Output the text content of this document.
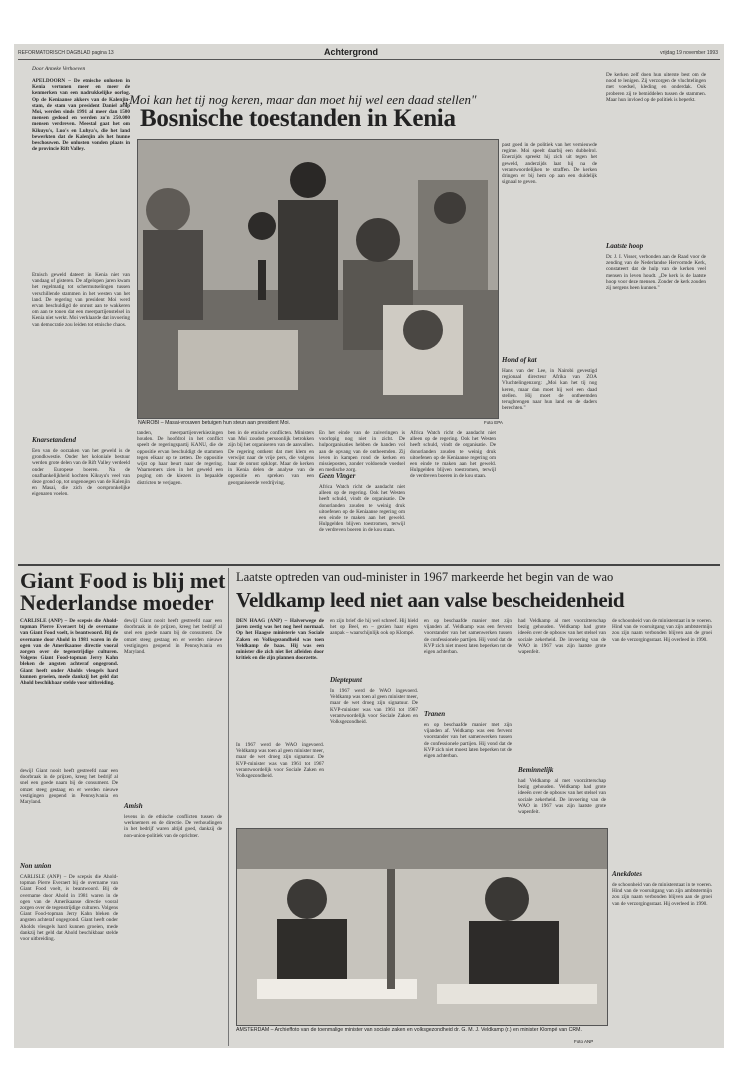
REFORMATORISCH DAGBLAD pagina 13	Achtergrond	vrijdag 19 november 1993
Door Anneke Verhoeven
„Moi kan het tij nog keren, maar dan moet hij wel een daad stellen"
Bosnische toestanden in Kenia
APELDOORN – De etnische onlusten in Kenia vertonen meer en meer de kenmerken van een nadrukkelijke oorlog. Op de Keniaanse akkers van de Kalenjin-stam, de stam van president Daniel arap Moi, werden sinds 1991 al meer dan 1500 mensen gedood en werden zo'n 250.000 mensen verdreven. Meestal gaat het om Kikuyu's, Luo's en Luhya's, die het land bewerkten dat de Kalenjin als het hunne beschouwen. De onlusten vonden plaats in de provincie Rift Valley.
Etnisch geweld dateert in Kenia niet van vandaag of gisteren. De afgelopen jaren kwam het regelmatig tot schermutselingen tussen verschillende stammen in het westen van het land. De regering van president Moi werd ervan beschuldigd de onrust aan te wakkeren om aan te tonen dat een meerpartijenstelsel in Kenia niet werkt. Moi verklaarde dat invoering van democratie zou leiden tot etnische chaos.
Knarsetandend
Een van de oorzaken van het geweld is de grondkwestie. Onder het koloniale bestuur werden grote delen van de Rift Valley verdeeld onder Europese boeren. Na de onafhankelijkheid kochten Kikuyu's veel van deze grond op, tot ongenoegen van de Kalenjin en Masai, die zich de oorspronkelijke eigenaren voelen.
NAIROBI – Masai-vrouwen betuigen hun steun aan president Moi.	Foto EPA
past goed in de politiek van het vernieuwde regime. Moi speelt daarbij een dubbelrol. Enerzijds spreekt hij zich uit tegen het geweld, anderzijds laat hij na de verantwoordelijken te straffen. De kerken dringen er bij hem op aan een duidelijk signaal te geven.
Hond of kat
Hans van der Lee, in Nairobi gevestigd regionaal directeur Afrika van ZOA Vluchtelingenzorg: „Moi kan het tij nog keren, maar dan moet hij wel een daad stellen. Hij moet de ontheemden terugbrengen naar hun land en de daders berechten."
De kerken zelf doen hun uiterste best om de nood te lenigen. Zij verzorgen de vluchtelingen met voedsel, kleding en onderdak. Ook proberen zij te bemiddelen tussen de stammen. Maar hun invloed op de politiek is beperkt.
Laatste hoop
Dr. J. I. Visser, verbonden aan de Raad voor de zending van de Nederlandse Hervormde Kerk, constateert dat de hulp van de kerken veel mensen in leven houdt. „De kerk is de laatste hoop voor deze mensen. Zonder de kerk zouden zij nergens heen kunnen."
tanden, meerpartijenverkiezingen houden. De hoofdrol in het conflict speelt de regeringspartij KANU, die de oppositie ervan beschuldigt de stammen tegen elkaar op te zetten. De oppositie wijst op haar beurt naar de regering. Waarnemers zien in het geweld een poging om de kiezers in bepaalde districten te verjagen.
ben in de etnische conflicten. Ministers van Moi zouden persoonlijk betrokken zijn bij het organiseren van de aanvallen. De regering ontkent dat met klem en verwijst naar de vrije pers, die volgens haar de onrust opklopt. Maar de kerken in Kenia delen de analyse van de oppositie en spreken van een georganiseerde verdrijving.
En het einde van de zuiveringen is voorlopig nog niet in zicht. De hulporganisaties hebben de handen vol aan de opvang van de ontheemden. Zij leven in kampen rond de kerken en missieposten, zonder voldoende voedsel en medische zorg.
Geen Vinger
Africa Watch richt de aandacht niet alleen op de regering. Ook het Westen heeft schuld, vindt de organisatie. De donorlanden zouden te weinig druk uitoefenen op de Keniaanse regering om een einde te maken aan het geweld. Hulpgelden blijven toestromen, terwijl de verdreven boeren in de kou staan.
Africa Watch richt de aandacht niet alleen op de regering. Ook het Westen heeft schuld, vindt de organisatie. De donorlanden zouden te weinig druk uitoefenen op de Keniaanse regering om een einde te maken aan het geweld. Hulpgelden blijven toestromen, terwijl de verdreven boeren in de kou staan.
Giant Food is blij met Nederlandse moeder
CARLISLE (ANP) – De scepsis die Ahold-topman Pierre Everaert bij de overname van Giant Food voelt, is beantwoord. Bij de overname door Ahold in 1981 waren in de ogen van de Amerikaanse directie vooral zorgen over de tegenstrijdige culturen. Volgens Giant Food-topman Jerry Kahn bleken de angsten achteraf ongegrond. Giant heeft onder Aholds vleugels hard kunnen groeien, mede dankzij het geld dat Ahold beschikbaar stelde voor uitbreiding.
dewijl Giant nooit heeft gestreefd naar een doorbraak in de prijzen, kreeg het bedrijf al snel een goede naam bij de consument. De omzet steeg gestaag en er werden nieuwe vestigingen geopend in Pennsylvania en Maryland.
Non union
CARLISLE (ANP) – De scepsis die Ahold-topman Pierre Everaert bij de overname van Giant Food voelt, is beantwoord. Bij de overname door Ahold in 1981 waren in de ogen van de Amerikaanse directie vooral zorgen over de tegenstrijdige culturen. Volgens Giant Food-topman Jerry Kahn bleken de angsten achteraf ongegrond. Giant heeft onder Aholds vleugels hard kunnen groeien, mede dankzij het geld dat Ahold beschikbaar stelde voor uitbreiding.
dewijl Giant nooit heeft gestreefd naar een doorbraak in de prijzen, kreeg het bedrijf al snel een goede naam bij de consument. De omzet steeg gestaag en er werden nieuwe vestigingen geopend in Pennsylvania en Maryland.
Amish
levens in de ethische conflicten tussen de werknemers en de directie. De verhoudingen in het bedrijf waren altijd goed, dankzij de non-union-politiek van de oprichter.
Laatste optreden van oud-minister in 1967 markeerde het begin van de wao
Veldkamp leed niet aan valse bescheidenheid
DEN HAAG (ANP) – Halverwege de jaren zestig was het nog heel normaal. Op het Haagse ministerie van Sociale Zaken en Volksgezondheid was toen Veldkamp de baas. Hij was een minister die zich niet liet afleiden door kritiek en die zijn plannen doorzette.
In 1967 werd de WAO ingevoerd. Veldkamp was toen al geen minister meer, maar de wet droeg zijn signatuur. De KVP-minister was van 1961 tot 1967 verantwoordelijk voor Sociale Zaken en Volksgezondheid.
en zijn brief die hij wel schreef. Hij hield het op Beel, en – gezien haar eigen aanpak – waarschijnlijk ook op Klompé.
Dieptepunt
In 1967 werd de WAO ingevoerd. Veldkamp was toen al geen minister meer, maar de wet droeg zijn signatuur. De KVP-minister was van 1961 tot 1967 verantwoordelijk voor Sociale Zaken en Volksgezondheid.
en op beschaafde manier met zijn vijanden af. Veldkamp was een fervent voorstander van het samenwerken tussen de confessionele partijen. Hij vond dat de KVP zich niet moest laten beperken tot de eigen achterban.
Tranen
en op beschaafde manier met zijn vijanden af. Veldkamp was een fervent voorstander van het samenwerken tussen de confessionele partijen. Hij vond dat de KVP zich niet moest laten beperken tot de eigen achterban.
had Veldkamp al met voorzitterschap bezig gehouden. Veldkamp had grote ideeën over de opbouw van het stelsel van sociale zekerheid. De invoering van de WAO in 1967 was zijn laatste grote wapenfeit.
Beminnelijk
had Veldkamp al met voorzitterschap bezig gehouden. Veldkamp had grote ideeën over de opbouw van het stelsel van sociale zekerheid. De invoering van de WAO in 1967 was zijn laatste grote wapenfeit.
de schoonheid van de ministerstaat in te voeren. Hind van de vooruitgang van zijn ambtstermijn zou zijn naam verbonden blijven aan de groei van de verzorgingsstaat. Hij overleed in 1990.
Anekdotes
de schoonheid van de ministerstaat in te voeren. Hind van de vooruitgang van zijn ambtstermijn zou zijn naam verbonden blijven aan de groei van de verzorgingsstaat. Hij overleed in 1990.
AMSTERDAM – Archieffoto van de toenmalige minister van sociale zaken en volksgezondheid dr. G. M. J. Veldkamp (r.) en minister Klompé van CRM.
Foto ANP
